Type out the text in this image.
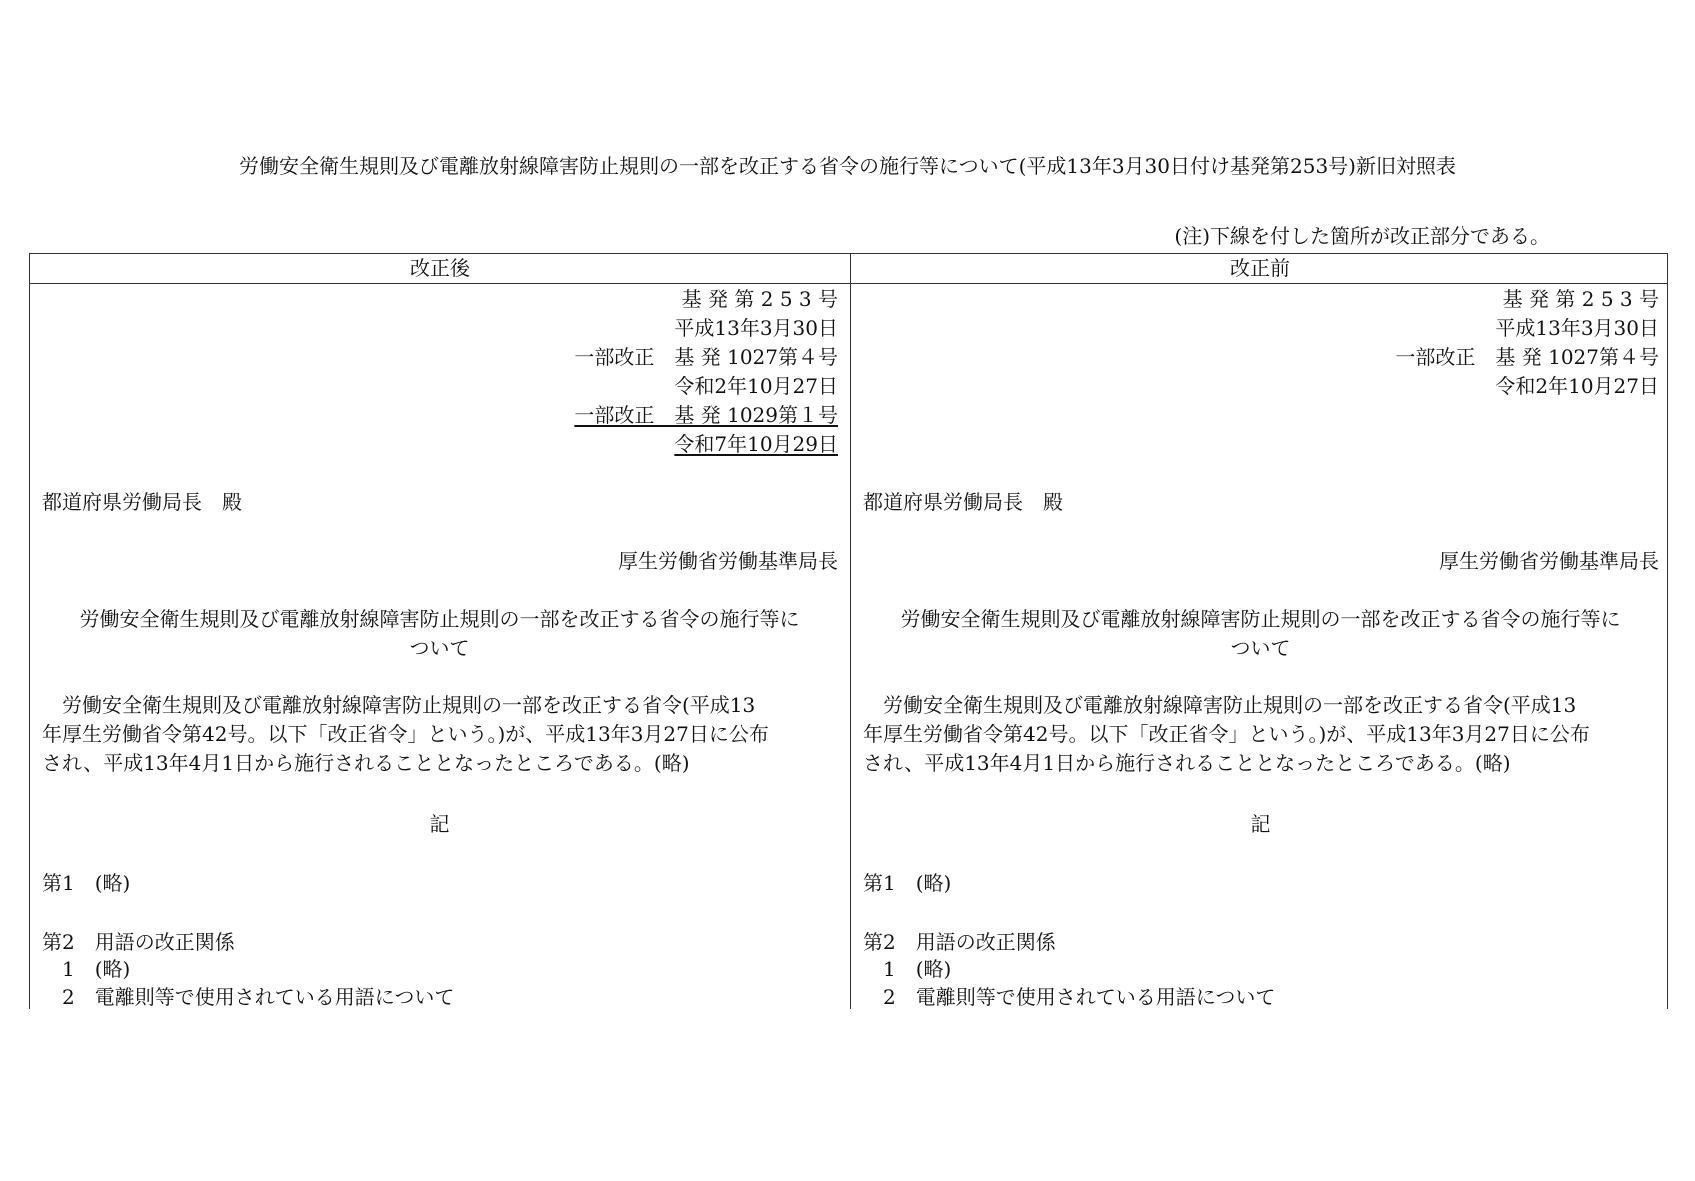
労働安全衛生規則及び電離放射線障害防止規則の一部を改正する省令の施行等について(平成13年3月30日付け基発第253号)新旧対照表
(注)下線を付した箇所が改正部分である。
改正後	改正前
基 発 第 2 5 3 号
平成13年3月30日
一部改正　基 発 1027第４号
令和2年10月27日
一部改正　基 発 1029第１号
令和7年10月29日
都道府県労働局長　殿
厚生労働省労働基準局長
労働安全衛生規則及び電離放射線障害防止規則の一部を改正する省令の施行等に
ついて
　労働安全衛生規則及び電離放射線障害防止規則の一部を改正する省令(平成13
年厚生労働省令第42号。以下「改正省令」という。)が、平成13年3月27日に公布
され、平成13年4月1日から施行されることとなったところである。(略)
記
第1　(略)
第2　用語の改正関係
　1　(略)
　2　電離則等で使用されている用語について
基 発 第 2 5 3 号
平成13年3月30日
一部改正　基 発 1027第４号
令和2年10月27日
都道府県労働局長　殿
厚生労働省労働基準局長
労働安全衛生規則及び電離放射線障害防止規則の一部を改正する省令の施行等に
ついて
　労働安全衛生規則及び電離放射線障害防止規則の一部を改正する省令(平成13
年厚生労働省令第42号。以下「改正省令」という。)が、平成13年3月27日に公布
され、平成13年4月1日から施行されることとなったところである。(略)
記
第1　(略)
第2　用語の改正関係
　1　(略)
　2　電離則等で使用されている用語について
